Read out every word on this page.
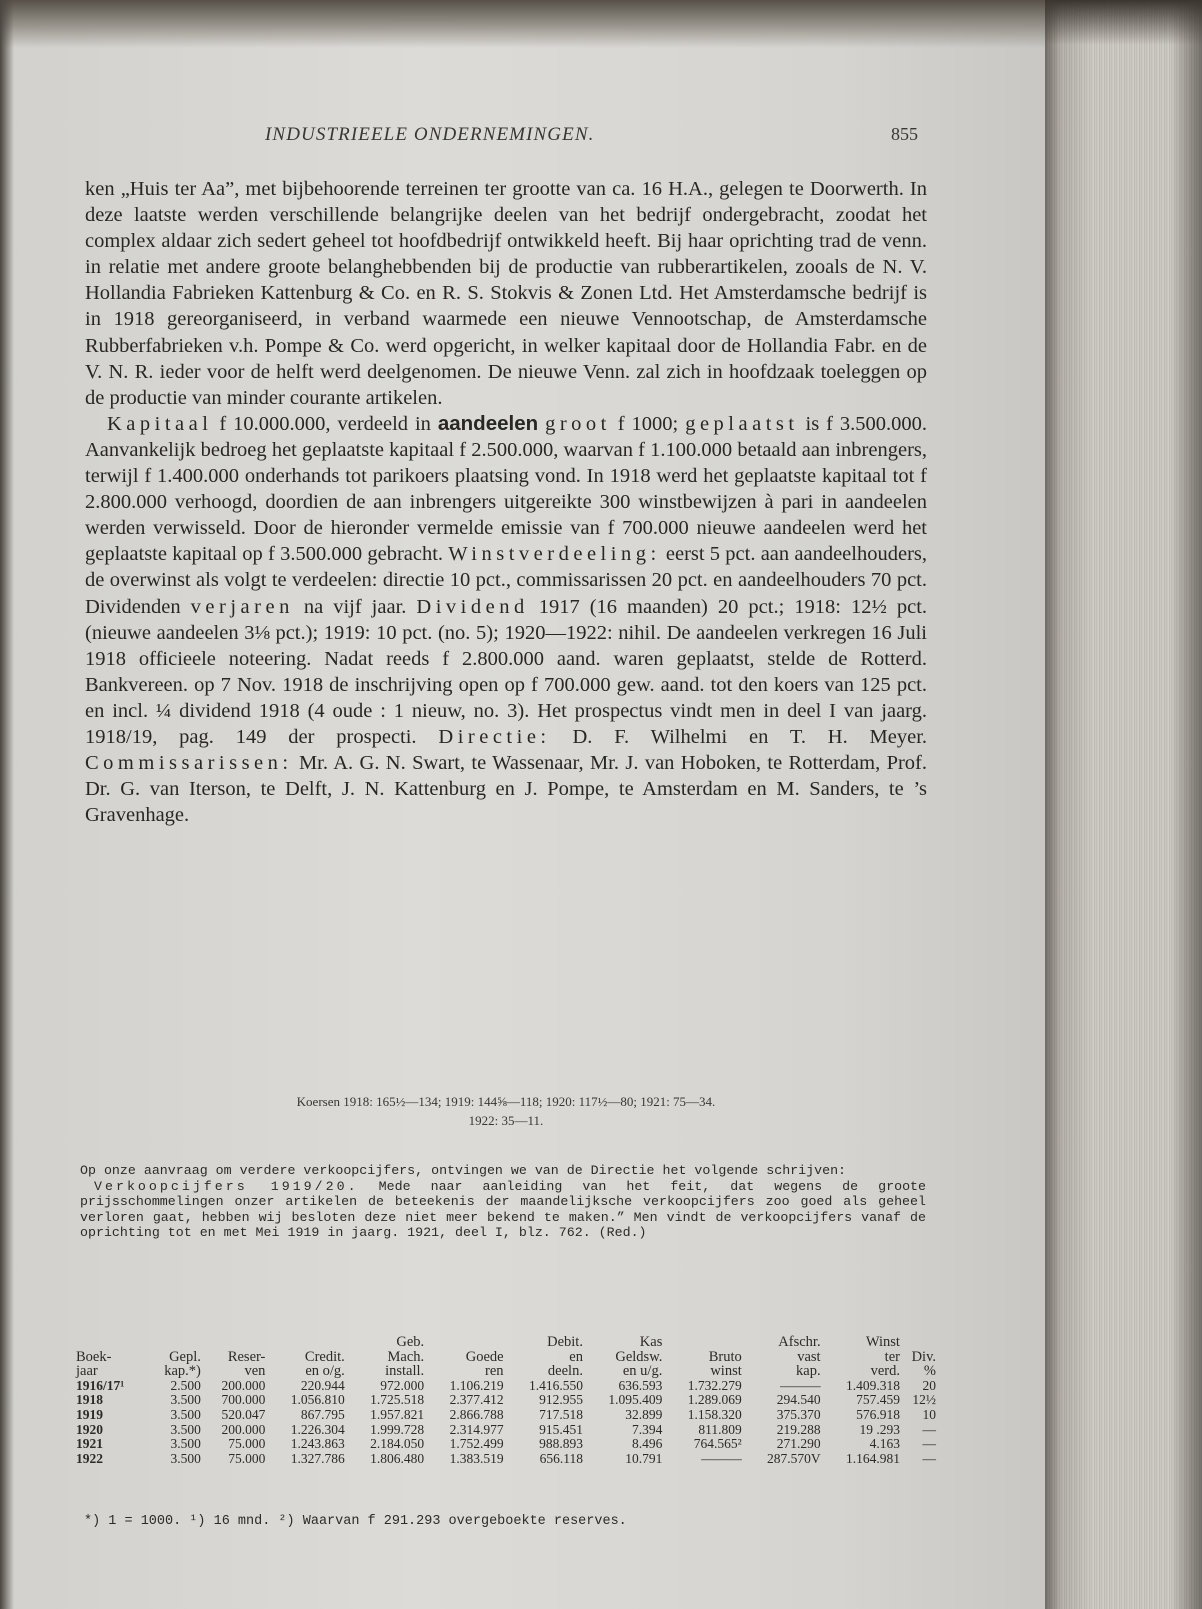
INDUSTRIEELE ONDERNEMINGEN.	855

ken „Huis ter Aa”, met bijbehoorende terreinen ter grootte van ca. 16 H.A., gelegen te Doorwerth. In deze laatste werden verschillende belangrijke deelen van het bedrijf ondergebracht, zoodat het complex aldaar zich sedert geheel tot hoofdbedrijf ontwikkeld heeft. Bij haar oprichting trad de venn. in relatie met andere groote belanghebbenden bij de productie van rubberartikelen, zooals de N. V. Hollandia Fabrieken Kattenburg & Co. en R. S. Stokvis & Zonen Ltd. Het Amsterdamsche bedrijf is in 1918 gereorganiseerd, in verband waarmede een nieuwe Vennootschap, de Amsterdamsche Rubberfabrieken v.h. Pompe & Co. werd opgericht, in welker kapitaal door de Hollandia Fabr. en de V. N. R. ieder voor de helft werd deelgenomen. De nieuwe Venn. zal zich in hoofdzaak toeleggen op de productie van minder courante artikelen.

Kapitaal f 10.000.000, verdeeld in aandeelen groot f 1000; geplaatst is f 3.500.000. Aanvankelijk bedroeg het geplaatste kapitaal f 2.500.000, waarvan f 1.100.000 betaald aan inbrengers, terwijl f 1.400.000 onderhands tot parikoers plaatsing vond. In 1918 werd het geplaatste kapitaal tot f 2.800.000 verhoogd, doordien de aan inbrengers uitgereikte 300 winstbewijzen à pari in aandeelen werden verwisseld. Door de hieronder vermelde emissie van f 700.000 nieuwe aandeelen werd het geplaatste kapitaal op f 3.500.000 gebracht. Winstverdeeling: eerst 5 pct. aan aandeelhouders, de overwinst als volgt te verdeelen: directie 10 pct., commissarissen 20 pct. en aandeelhouders 70 pct. Dividenden verjaren na vijf jaar. Dividend 1917 (16 maanden) 20 pct.; 1918: 12½ pct. (nieuwe aandeelen 3⅛ pct.); 1919: 10 pct. (no. 5); 1920—1922: nihil. De aandeelen verkregen 16 Juli 1918 officieele noteering. Nadat reeds f 2.800.000 aand. waren geplaatst, stelde de Rotterd. Bankvereen. op 7 Nov. 1918 de inschrijving open op f 700.000 gew. aand. tot den koers van 125 pct. en incl. ¼ dividend 1918 (4 oude : 1 nieuw, no. 3). Het prospectus vindt men in deel I van jaarg. 1918/19, pag. 149 der prospecti. Directie: D. F. Wilhelmi en T. H. Meyer. Commissarissen: Mr. A. G. N. Swart, te Wassenaar, Mr. J. van Hoboken, te Rotterdam, Prof. Dr. G. van Iterson, te Delft, J. N. Kattenburg en J. Pompe, te Amsterdam en M. Sanders, te ’s Gravenhage.

Koersen 1918: 165½—134; 1919: 144⅝—118; 1920: 117½—80; 1921: 75—34.
1922: 35—11.

Op onze aanvraag om verdere verkoopcijfers, ontvingen we van de Directie het volgende schrijven:

Verkoopcijfers 1919/20. Mede naar aanleiding van het feit, dat wegens de groote prijsschommelingen onzer artikelen de beteekenis der maandelijksche verkoopcijfers zoo goed als geheel verloren gaat, hebben wij besloten deze niet meer bekend te maken.” Men vindt de verkoopcijfers vanaf de oprichting tot en met Mei 1919 in jaarg. 1921, deel I, blz. 762. (Red.)

				Geb.		Debit.	Kas		Afschr.	Winst	
Boek-	Gepl.	Reser-	Credit.	Mach.	Goede	en	Geldsw.	Bruto	vast	ter	Div.
jaar	kap.*)	ven	en o/g.	install.	ren	deeln.	en u/g.	winst	kap.	verd.	%
1916/17¹	2.500	200.000	220.944	972.000	1.106.219	1.416.550	636.593	1.732.279	———	1.409.318	20
1918	3.500	700.000	1.056.810	1.725.518	2.377.412	912.955	1.095.409	1.289.069	294.540	757.459	12½
1919	3.500	520.047	867.795	1.957.821	2.866.788	717.518	32.899	1.158.320	375.370	576.918	10
1920	3.500	200.000	1.226.304	1.999.728	2.314.977	915.451	7.394	811.809	219.288	19 .293	—
1921	3.500	75.000	1.243.863	2.184.050	1.752.499	988.893	8.496	764.565²	271.290	4.163	—
1922	3.500	75.000	1.327.786	1.806.480	1.383.519	656.118	10.791	———	287.570V	1.164.981	—
*) 1 = 1000. ¹) 16 mnd. ²) Waarvan f 291.293 overgeboekte reserves.
